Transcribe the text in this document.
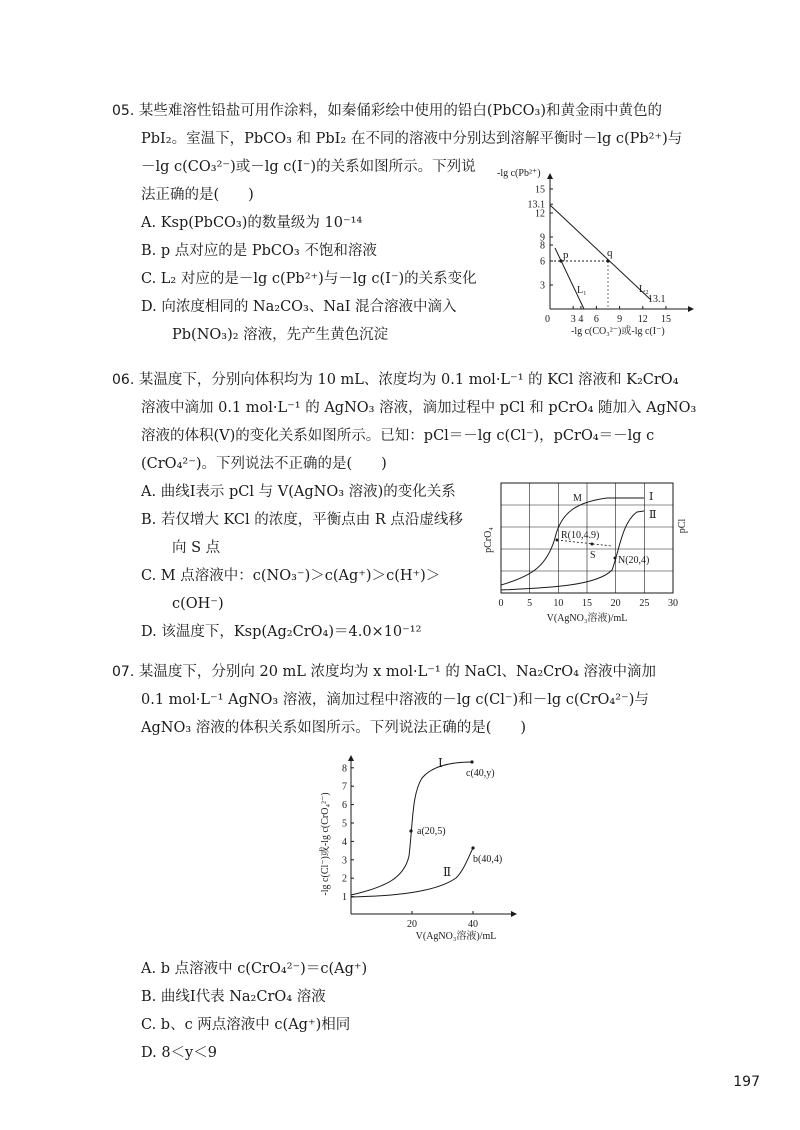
05. 某些难溶性铅盐可用作涂料，如秦俑彩绘中使用的铅白(PbCO₃)和黄金雨中黄色的
PbI₂。室温下，PbCO₃ 和 PbI₂ 在不同的溶液中分别达到溶解平衡时－lg c(Pb²⁺)与
－lg c(CO₃²⁻)或－lg c(I⁻)的关系如图所示。下列说
法正确的是(　　)
A. Ksp(PbCO₃)的数量级为 10⁻¹⁴
B. p 点对应的是 PbCO₃ 不饱和溶液
C. L₂ 对应的是－lg c(Pb²⁺)与－lg c(I⁻)的关系变化
D. 向浓度相同的 Na₂CO₃、NaI 混合溶液中滴入
Pb(NO₃)₂ 溶液，先产生黄色沉淀
-lg c(Pb²⁺)
3
6
8
9
12
13.1
15
3 4 6 9 12 15
0
p	q
L₁	L₂
13.1
-lg c(CO₃²⁻)或-lg c(I⁻)
06. 某温度下，分别向体积均为 10 mL、浓度均为 0.1 mol·L⁻¹ 的 KCl 溶液和 K₂CrO₄
溶液中滴加 0.1 mol·L⁻¹ 的 AgNO₃ 溶液，滴加过程中 pCl 和 pCrO₄ 随加入 AgNO₃
溶液的体积(V)的变化关系如图所示。已知：pCl＝－lg c(Cl⁻)，pCrO₄＝－lg c
(CrO₄²⁻)。下列说法不正确的是(　　)
A. 曲线Ⅰ表示 pCl 与 V(AgNO₃ 溶液)的变化关系
B. 若仅增大 KCl 的浓度，平衡点由 R 点沿虚线移
向 S 点
C. M 点溶液中：c(NO₃⁻)＞c(Ag⁺)＞c(H⁺)＞
c(OH⁻)
D. 该温度下，Ksp(Ag₂CrO₄)＝4.0×10⁻¹²
pCrO₄
pCl
M	Ⅰ
Ⅱ
R(10,4.9)
S N(20,4)
0 5 10 15 20 25 30
V(AgNO₃溶液)/mL
07. 某温度下，分别向 20 mL 浓度均为 x mol·L⁻¹ 的 NaCl、Na₂CrO₄ 溶液中滴加
0.1 mol·L⁻¹ AgNO₃ 溶液，滴加过程中溶液的－lg c(Cl⁻)和－lg c(CrO₄²⁻)与
AgNO₃ 溶液的体积关系如图所示。下列说法正确的是(　　)
-lg c(Cl⁻)或-lg c(CrO₄²⁻)
1
2
3
4
5
6
7
8
20	40
Ⅰ
Ⅱ
a(20,5)
b(40,4)
c(40,y)
V(AgNO₃溶液)/mL
A. b 点溶液中 c(CrO₄²⁻)＝c(Ag⁺)
B. 曲线Ⅰ代表 Na₂CrO₄ 溶液
C. b、c 两点溶液中 c(Ag⁺)相同
D. 8＜y＜9
197
